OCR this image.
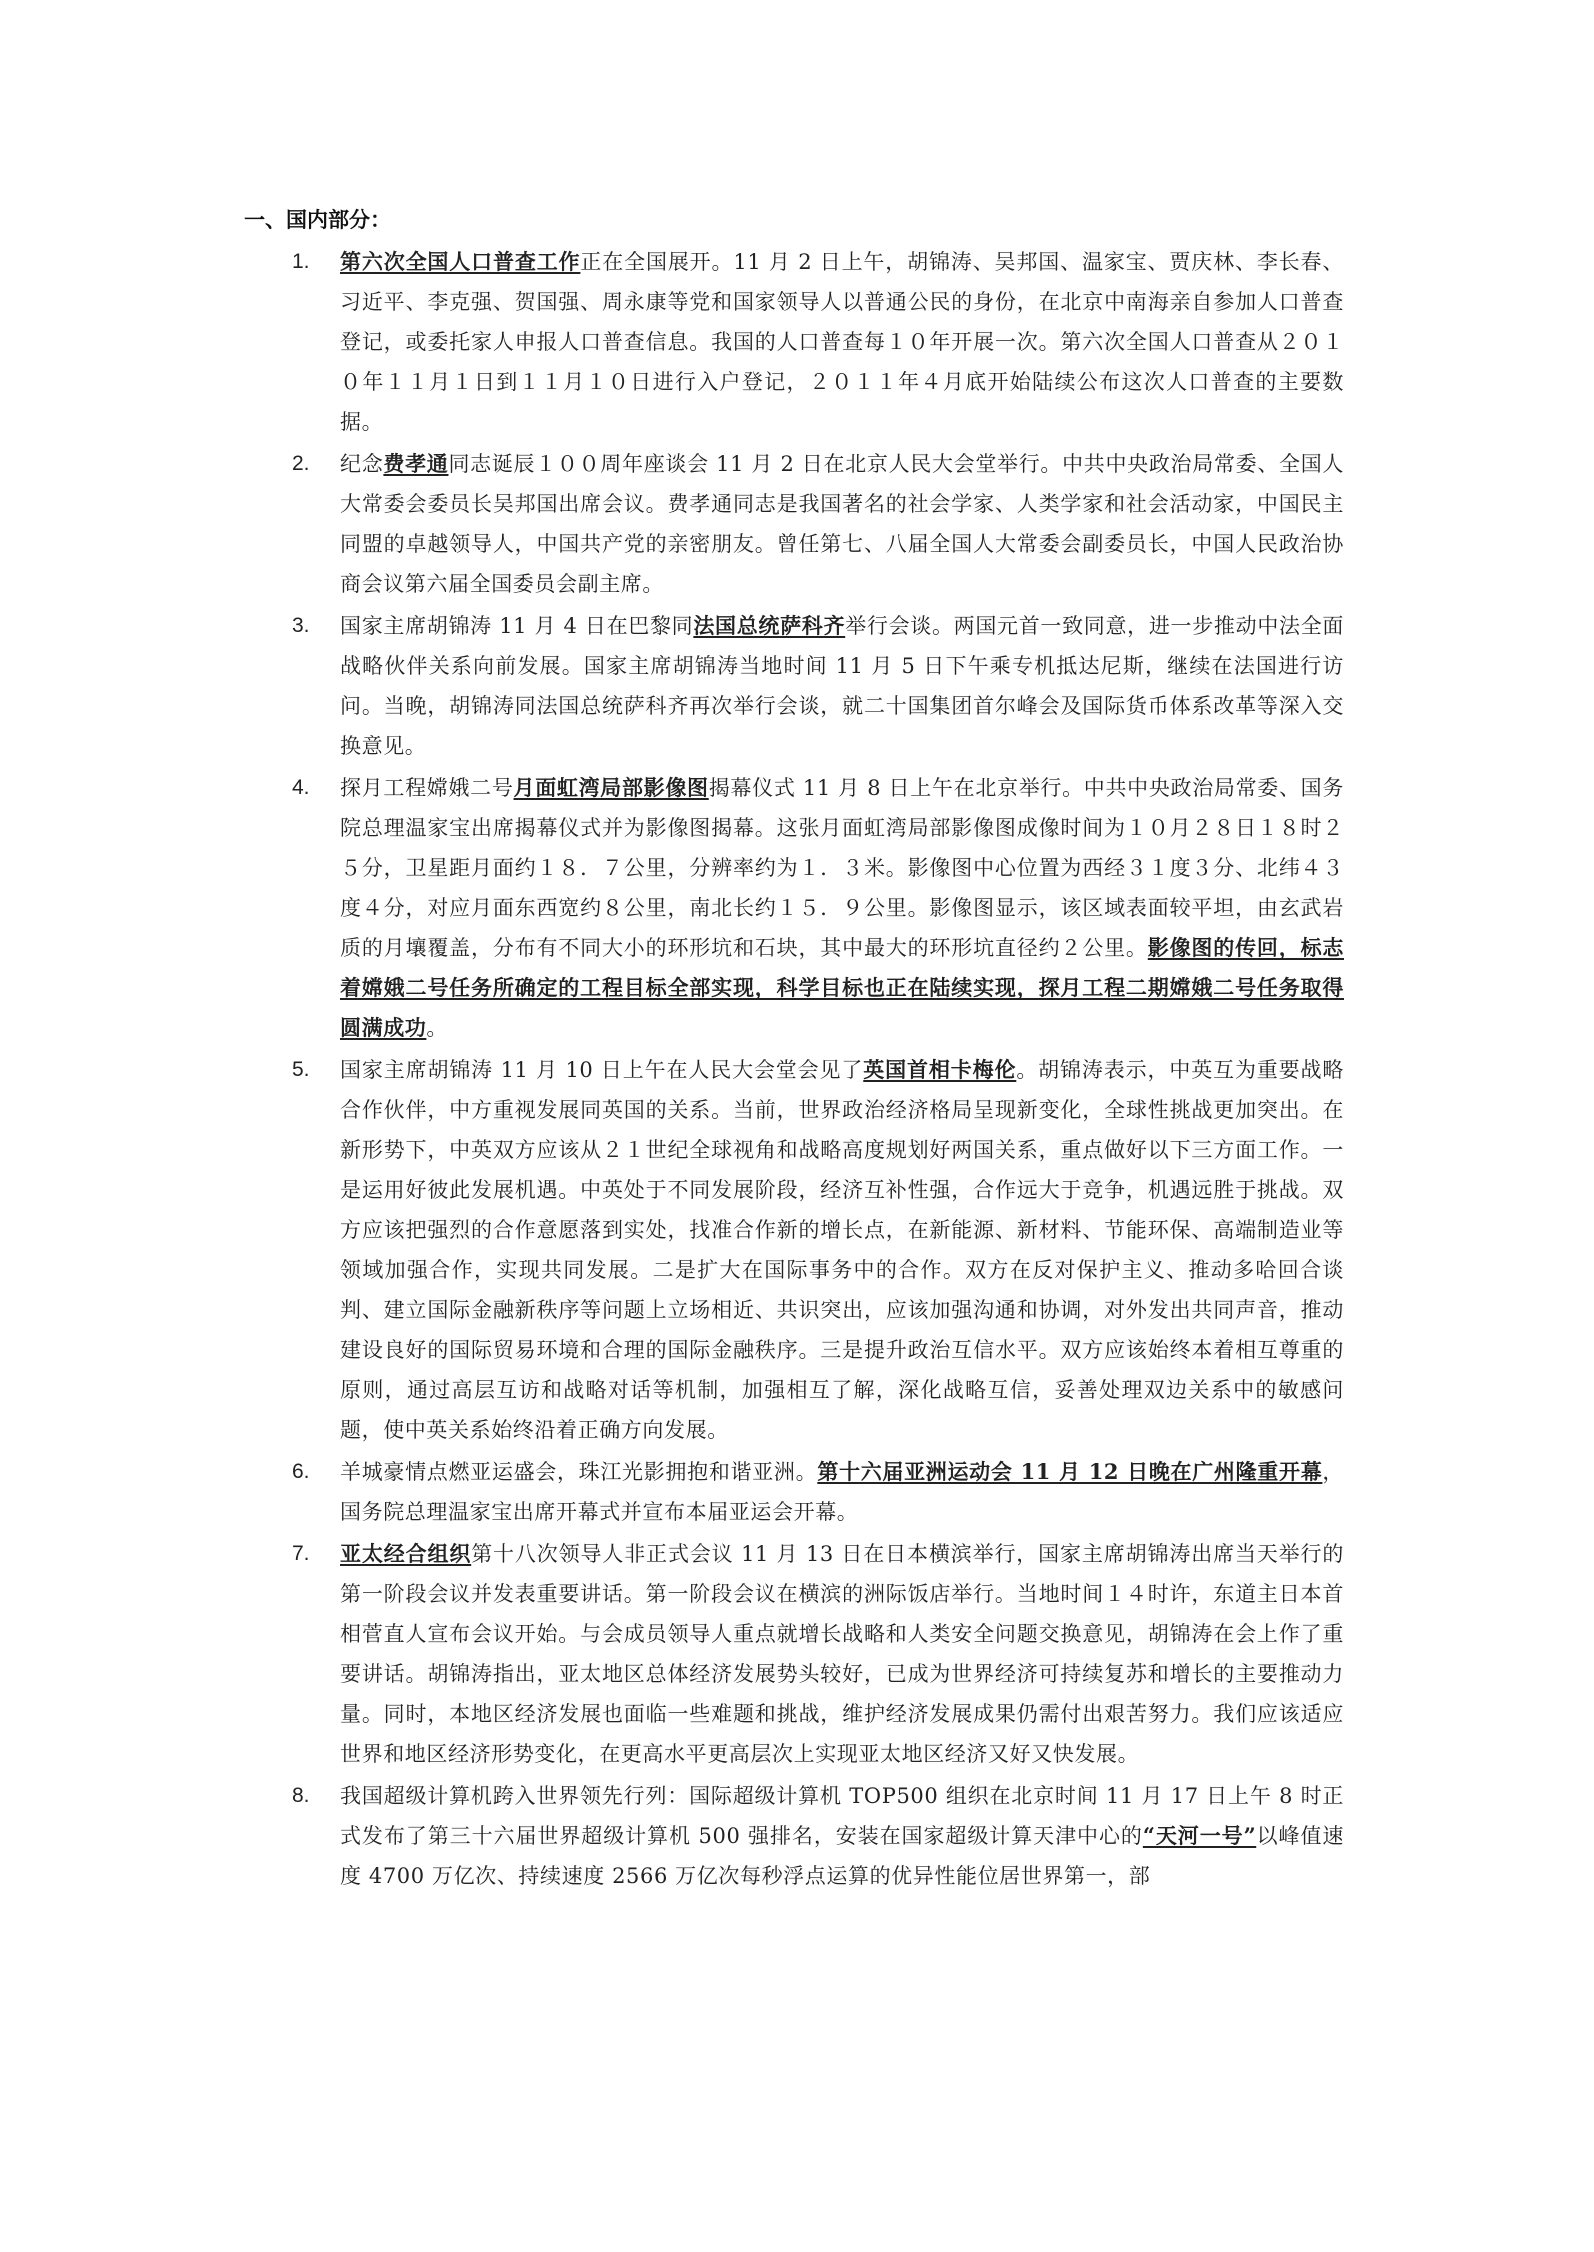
一、国内部分：
1. 第六次全国人口普查工作正在全国展开。11 月 2 日上午，胡锦涛、吴邦国、温家宝、贾庆林、李长春、习近平、李克强、贺国强、周永康等党和国家领导人以普通公民的身份，在北京中南海亲自参加人口普查登记，或委托家人申报人口普查信息。我国的人口普查每１０年开展一次。第六次全国人口普查从２０１０年１１月１日到１１月１０日进行入户登记，２０１１年４月底开始陆续公布这次人口普查的主要数据。
2. 纪念费孝通同志诞辰１００周年座谈会 11 月 2 日在北京人民大会堂举行。中共中央政治局常委、全国人大常委会委员长吴邦国出席会议。费孝通同志是我国著名的社会学家、人类学家和社会活动家，中国民主同盟的卓越领导人，中国共产党的亲密朋友。曾任第七、八届全国人大常委会副委员长，中国人民政治协商会议第六届全国委员会副主席。
3. 国家主席胡锦涛 11 月 4 日在巴黎同法国总统萨科齐举行会谈。两国元首一致同意，进一步推动中法全面战略伙伴关系向前发展。国家主席胡锦涛当地时间 11 月 5 日下午乘专机抵达尼斯，继续在法国进行访问。当晚，胡锦涛同法国总统萨科齐再次举行会谈，就二十国集团首尔峰会及国际货币体系改革等深入交换意见。
4. 探月工程嫦娥二号月面虹湾局部影像图揭幕仪式 11 月 8 日上午在北京举行。中共中央政治局常委、国务院总理温家宝出席揭幕仪式并为影像图揭幕。这张月面虹湾局部影像图成像时间为１０月２８日１８时２５分，卫星距月面约１８．７公里，分辨率约为１．３米。影像图中心位置为西经３１度３分、北纬４３度４分，对应月面东西宽约８公里，南北长约１５．９公里。影像图显示，该区域表面较平坦，由玄武岩质的月壤覆盖，分布有不同大小的环形坑和石块，其中最大的环形坑直径约２公里。影像图的传回，标志着嫦娥二号任务所确定的工程目标全部实现，科学目标也正在陆续实现，探月工程二期嫦娥二号任务取得圆满成功。
5. 国家主席胡锦涛 11 月 10 日上午在人民大会堂会见了英国首相卡梅伦。胡锦涛表示，中英互为重要战略合作伙伴，中方重视发展同英国的关系。当前，世界政治经济格局呈现新变化，全球性挑战更加突出。在新形势下，中英双方应该从２１世纪全球视角和战略高度规划好两国关系，重点做好以下三方面工作。一是运用好彼此发展机遇。中英处于不同发展阶段，经济互补性强，合作远大于竞争，机遇远胜于挑战。双方应该把强烈的合作意愿落到实处，找准合作新的增长点，在新能源、新材料、节能环保、高端制造业等领域加强合作，实现共同发展。二是扩大在国际事务中的合作。双方在反对保护主义、推动多哈回合谈判、建立国际金融新秩序等问题上立场相近、共识突出，应该加强沟通和协调，对外发出共同声音，推动建设良好的国际贸易环境和合理的国际金融秩序。三是提升政治互信水平。双方应该始终本着相互尊重的原则，通过高层互访和战略对话等机制，加强相互了解，深化战略互信，妥善处理双边关系中的敏感问题，使中英关系始终沿着正确方向发展。
6. 羊城豪情点燃亚运盛会，珠江光影拥抱和谐亚洲。第十六届亚洲运动会 11 月 12 日晚在广州隆重开幕，国务院总理温家宝出席开幕式并宣布本届亚运会开幕。
7. 亚太经合组织第十八次领导人非正式会议 11 月 13 日在日本横滨举行，国家主席胡锦涛出席当天举行的第一阶段会议并发表重要讲话。第一阶段会议在横滨的洲际饭店举行。当地时间１４时许，东道主日本首相菅直人宣布会议开始。与会成员领导人重点就增长战略和人类安全问题交换意见，胡锦涛在会上作了重要讲话。胡锦涛指出，亚太地区总体经济发展势头较好，已成为世界经济可持续复苏和增长的主要推动力量。同时，本地区经济发展也面临一些难题和挑战，维护经济发展成果仍需付出艰苦努力。我们应该适应世界和地区经济形势变化，在更高水平更高层次上实现亚太地区经济又好又快发展。
8. 我国超级计算机跨入世界领先行列：国际超级计算机 TOP500 组织在北京时间 11 月 17 日上午 8 时正式发布了第三十六届世界超级计算机 500 强排名，安装在国家超级计算天津中心的“天河一号”以峰值速度 4700 万亿次、持续速度 2566 万亿次每秒浮点运算的优异性能位居世界第一，部
